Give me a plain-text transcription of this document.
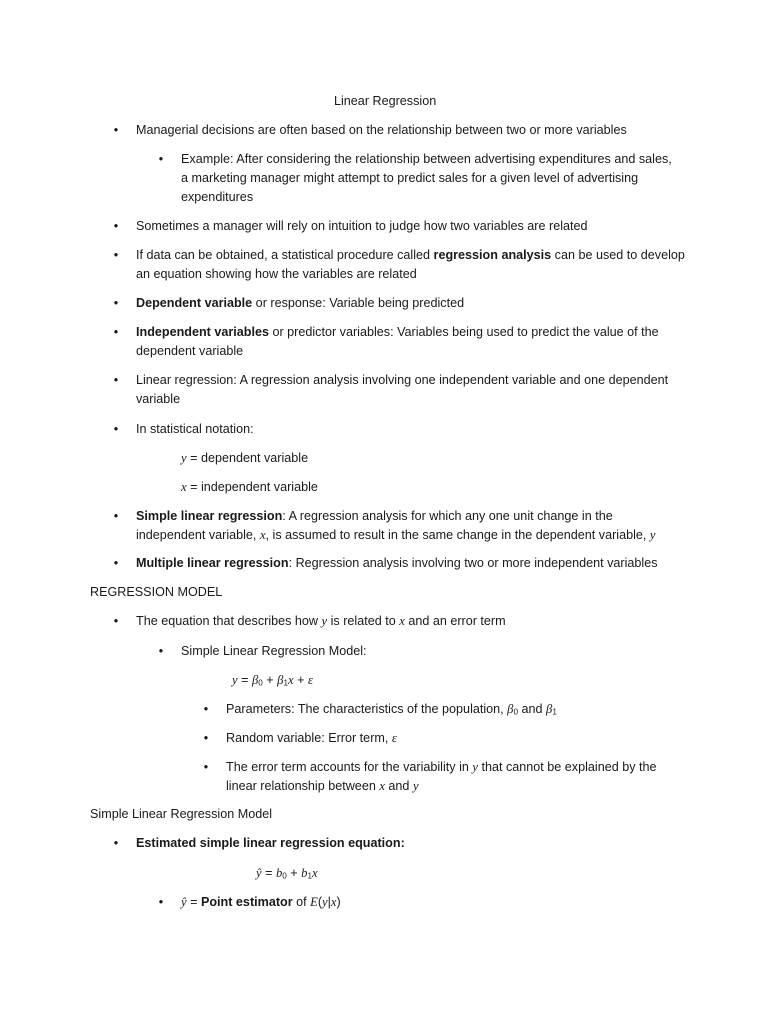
Linear Regression
• Managerial decisions are often based on the relationship between two or more variables
• Example: After considering the relationship between advertising expenditures and sales,
a marketing manager might attempt to predict sales for a given level of advertising
expenditures
• Sometimes a manager will rely on intuition to judge how two variables are related
• If data can be obtained, a statistical procedure called regression analysis can be used to develop
an equation showing how the variables are related
• Dependent variable or response: Variable being predicted
• Independent variables or predictor variables: Variables being used to predict the value of the
dependent variable
• Linear regression: A regression analysis involving one independent variable and one dependent
variable
• In statistical notation:
y = dependent variable
x = independent variable
• Simple linear regression: A regression analysis for which any one unit change in the
independent variable, x, is assumed to result in the same change in the dependent variable, y
• Multiple linear regression: Regression analysis involving two or more independent variables
REGRESSION MODEL
• The equation that describes how y is related to x and an error term
• Simple Linear Regression Model:
$y = \beta_0 + \beta_1x + \varepsilon$
• Parameters: The characteristics of the population, $\beta_0$ and $\beta_1$
• Random variable: Error term, ε
• The error term accounts for the variability in y that cannot be explained by the
linear relationship between x and y
Simple Linear Regression Model
• Estimated simple linear regression equation:
ŷ = $b_0 + b_1x$
• ŷ = Point estimator of E(y|x)
